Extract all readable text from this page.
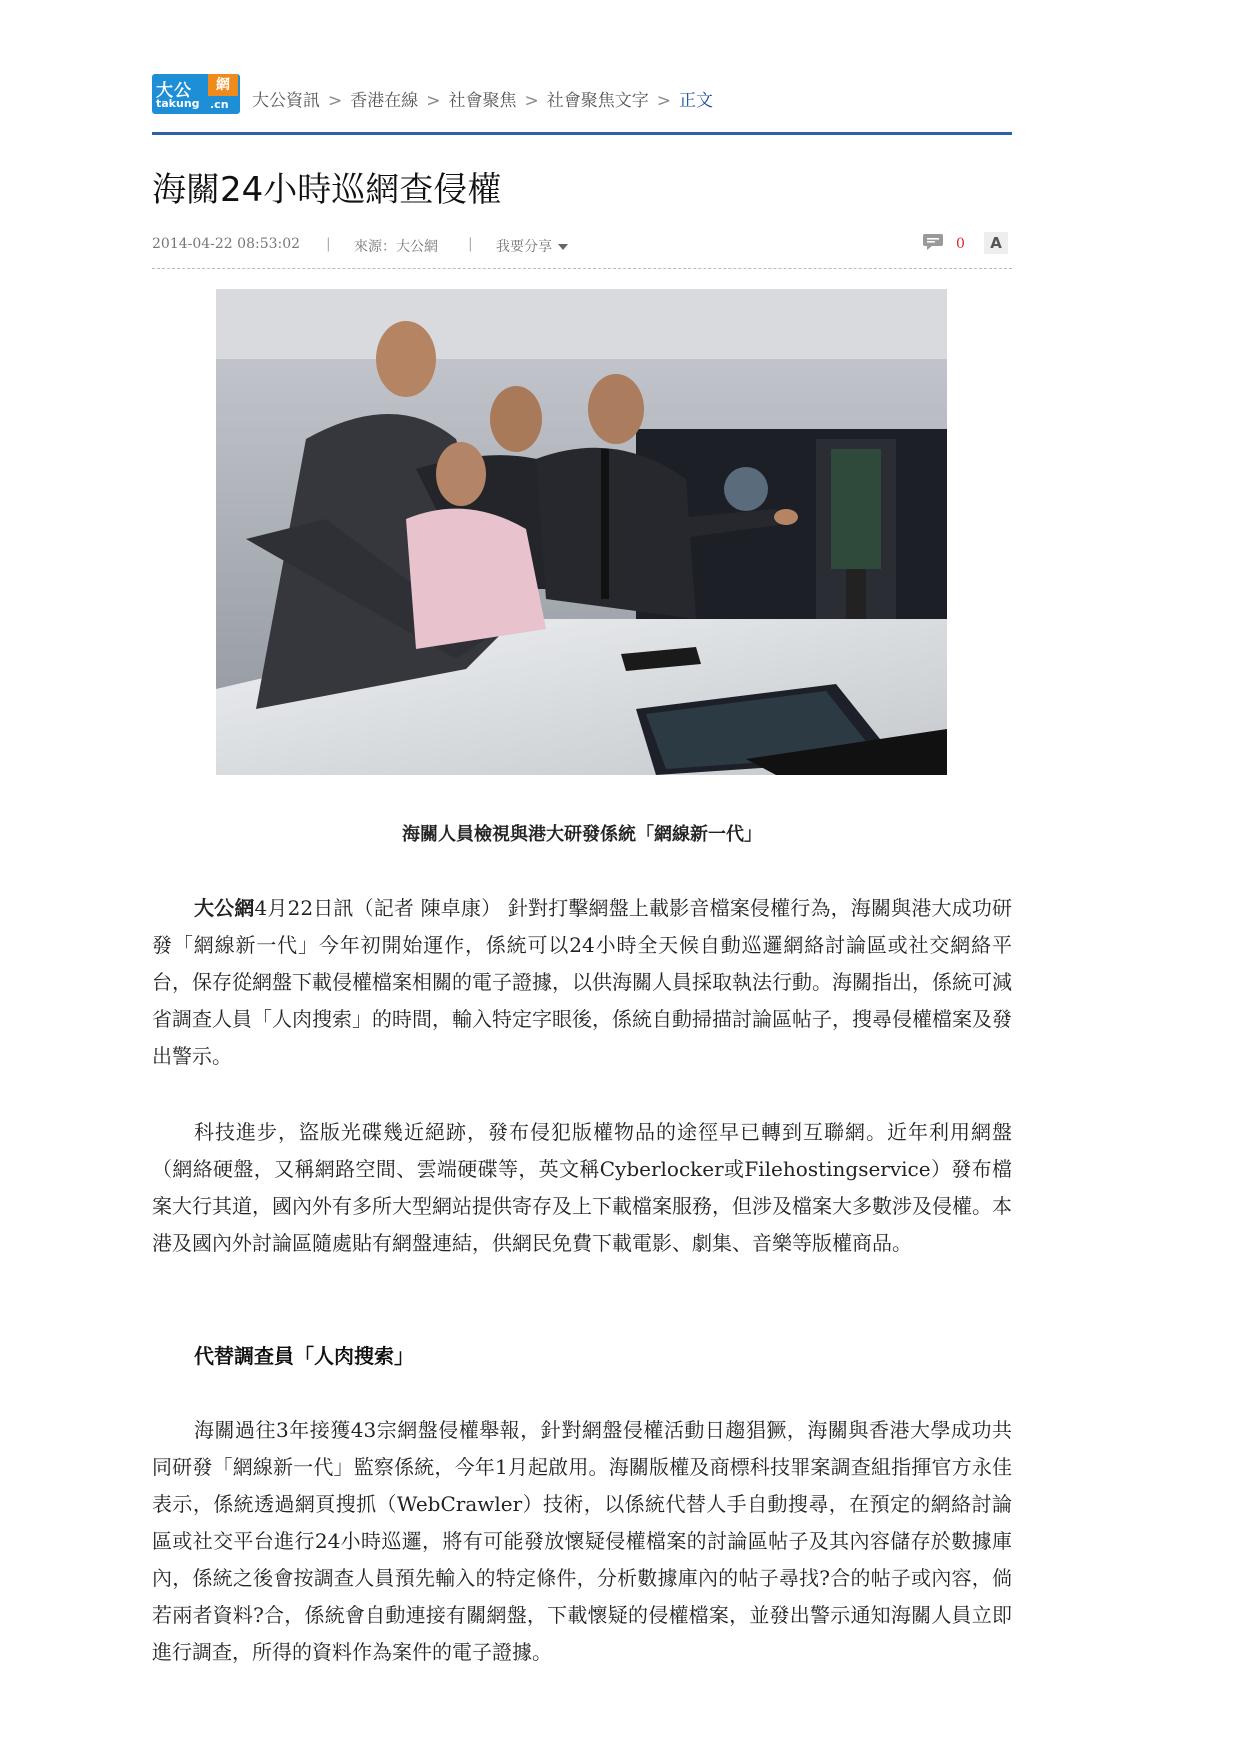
大公	網
takung .cn 大公資訊 > 香港在線 > 社會聚焦 > 社會聚焦文字 > 正文
海關24小時巡網查侵權
2014-04-22 08:53:02 | 來源：大公網 | 我要分享	0	A
海關人員檢視與港大研發係統「網線新一代」

大公網4月22日訊（記者 陳卓康） 針對打擊網盤上載影音檔案侵權行為，海關與港大成功研發「網線新一代」今年初開始運作，係統可以24小時全天候自動巡邏網絡討論區或社交網絡平台，保存從網盤下載侵權檔案相關的電子證據，以供海關人員採取執法行動。海關指出，係統可減省調查人員「人肉搜索」的時間，輸入特定字眼後，係統自動掃描討論區帖子，搜尋侵權檔案及發出警示。

科技進步，盜版光碟幾近絕跡，發布侵犯版權物品的途徑早已轉到互聯網。近年利用網盤（網絡硬盤，又稱網路空間、雲端硬碟等，英文稱Cyberlocker或Filehostingservice）發布檔案大行其道，國內外有多所大型網站提供寄存及上下載檔案服務，但涉及檔案大多數涉及侵權。本港及國內外討論區隨處貼有網盤連結，供網民免費下載電影、劇集、音樂等版權商品。

代替調查員「人肉搜索」

海關過往3年接獲43宗網盤侵權舉報，針對網盤侵權活動日趨猖獗，海關與香港大學成功共同研發「網線新一代」監察係統，今年1月起啟用。海關版權及商標科技罪案調查組指揮官方永佳表示，係統透過網頁搜抓（WebCrawler）技術，以係統代替人手自動搜尋，在預定的網絡討論區或社交平台進行24小時巡邏，將有可能發放懷疑侵權檔案的討論區帖子及其內容儲存於數據庫內，係統之後會按調查人員預先輸入的特定條件，分析數據庫內的帖子尋找?合的帖子或內容，倘若兩者資料?合，係統會自動連接有關網盤，下載懷疑的侵權檔案，並發出警示通知海關人員立即進行調查，所得的資料作為案件的電子證據。
